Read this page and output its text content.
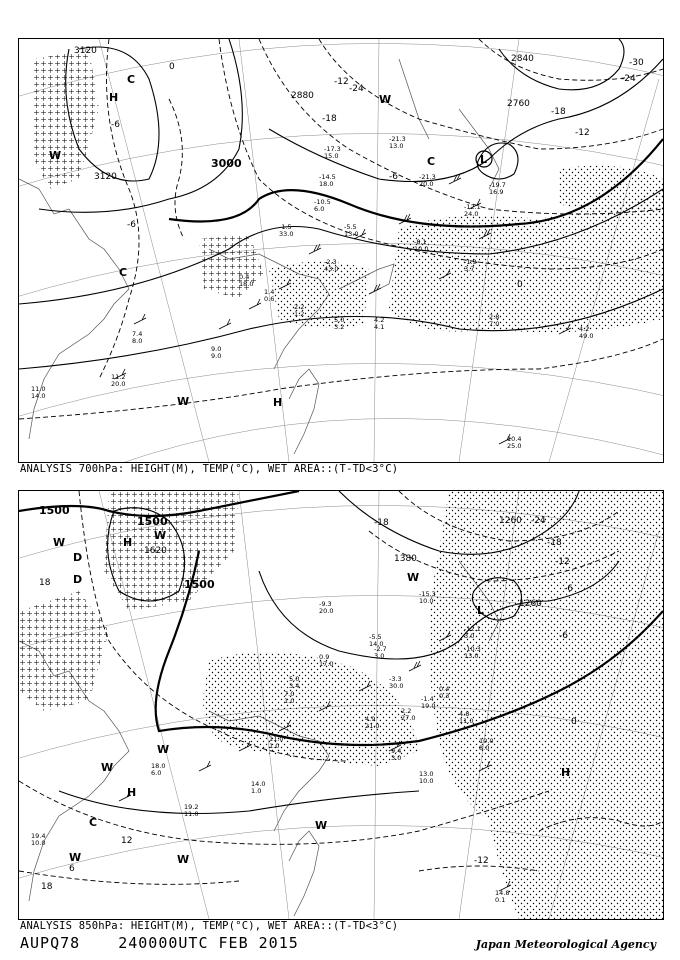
3120
3120
3000
2880
2840
2760
0
-6
-6
-12
-18
-24
-24
-30
-6
-12
-18
0
H
C
W
C
C	L
W	H
W
-21.3
13.0
-17.3
15.0
-14.5
18.0
-10.5
6.0
-5.5
13.0
-1.5
33.0
-2.3
43.0
-8.1
10.0
-12.1
24.0
-1.9
3.7
0.4
18.0
1.4
0.6
2.2
1.2
5.0
3.2
4.2
4.1
2.8
7.0
4.2
49.0
7.4
8.0
9.0
9.0
11.2
20.0
11.0
14.0
10.4
25.0
-21.3
20.0	-19.7
16.9
ANALYSIS 700hPa: HEIGHT(M), TEMP(°C), WET AREA::(T-TD<3°C)
1500
1500
1620
1500
1380
1260
1260
-24
-18
-12
-6
-6
-12
-18
18
18
12
6
0
W	H
W
D
D	W
L
W
H
W
W
H
W
W
C
-15.3
10.0
-9.3
20.0
-5.5
14.0
-2.7
3.0
0.9
17.0
5.0
3.4
7.0
1.0
-3.3
30.0
-1.4
19.0
0.4
0.3
4.8
11.0
2.2
27.0
4.9
21.0
9.4
3.0
13.0
10.0
10.0
8.0
11.0
1.0
18.0
6.0
19.2
11.0
19.4
10.0
14.0
1.0
14.8
0.1
-12.1
3.0
-10.3
13.0
ANALYSIS 850hPa: HEIGHT(M), TEMP(°C), WET AREA::(T-TD<3°C)
AUPQ78	240000UTC FEB 2015	Japan Meteorological Agency
